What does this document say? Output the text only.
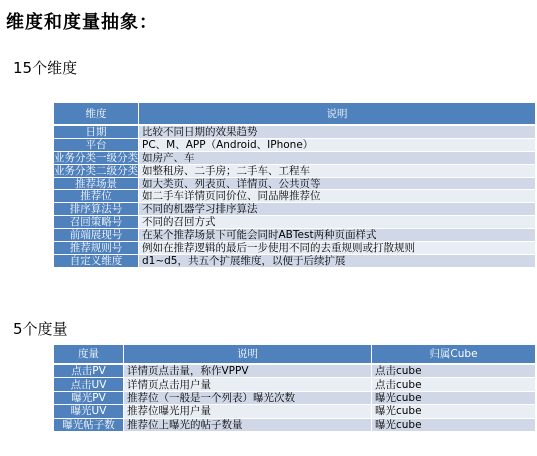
维度和度量抽象：
15个维度
维度	说明
日期	比较不同日期的效果趋势
平台	PC、M、APP（Android、IPhone）
业务分类一级分类	如房产、车
业务分类二级分类	如整租房、二手房；二手车、工程车
推荐场景	如大类页、列表页、详情页、公共页等
推荐位	如二手车详情页同价位、同品牌推荐位
排序算法号	不同的机器学习排序算法
召回策略号	不同的召回方式
前端展现号	在某个推荐场景下可能会同时ABTest两种页面样式
推荐规则号	例如在推荐逻辑的最后一步使用不同的去重规则或打散规则
自定义维度	d1~d5，共五个扩展维度，以便于后续扩展
5个度量
度量	说明	归属Cube
点击PV	详情页点击量，称作VPPV	点击cube
点击UV	详情页点击用户量	点击cube
曝光PV	推荐位（一般是一个列表）曝光次数	曝光cube
曝光UV	推荐位曝光用户量	曝光cube
曝光帖子数	推荐位上曝光的帖子数量	曝光cube
